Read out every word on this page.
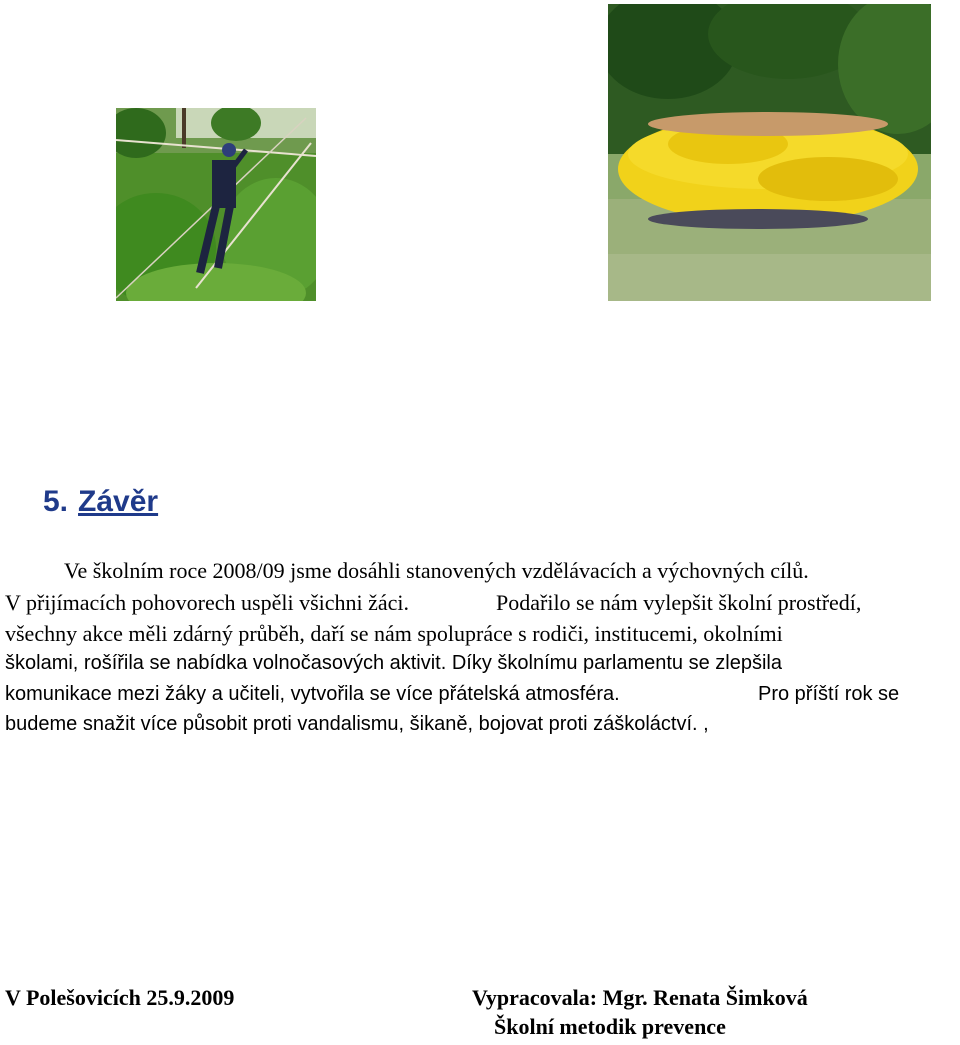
5. Závěr
Ve školním roce 2008/09 jsme dosáhli stanovených vzdělávacích a výchovných cílů.
V přijímacích pohovorech uspěli všichni žáci.	Podařilo se nám vylepšit školní prostředí,
všechny akce měli zdárný průběh, daří se nám spolupráce s rodiči, institucemi, okolními
školami, rošířila se nabídka volnočasových aktivit. Díky školnímu parlamentu se zlepšila
komunikace mezi žáky a učiteli, vytvořila se více přátelská atmosféra.	Pro příští rok se
budeme snažit více působit proti vandalismu, šikaně, bojovat proti záškoláctví. ,
V Polešovicích 25.9.2009	Vypracovala: Mgr. Renata Šimková
Školní metodik prevence
